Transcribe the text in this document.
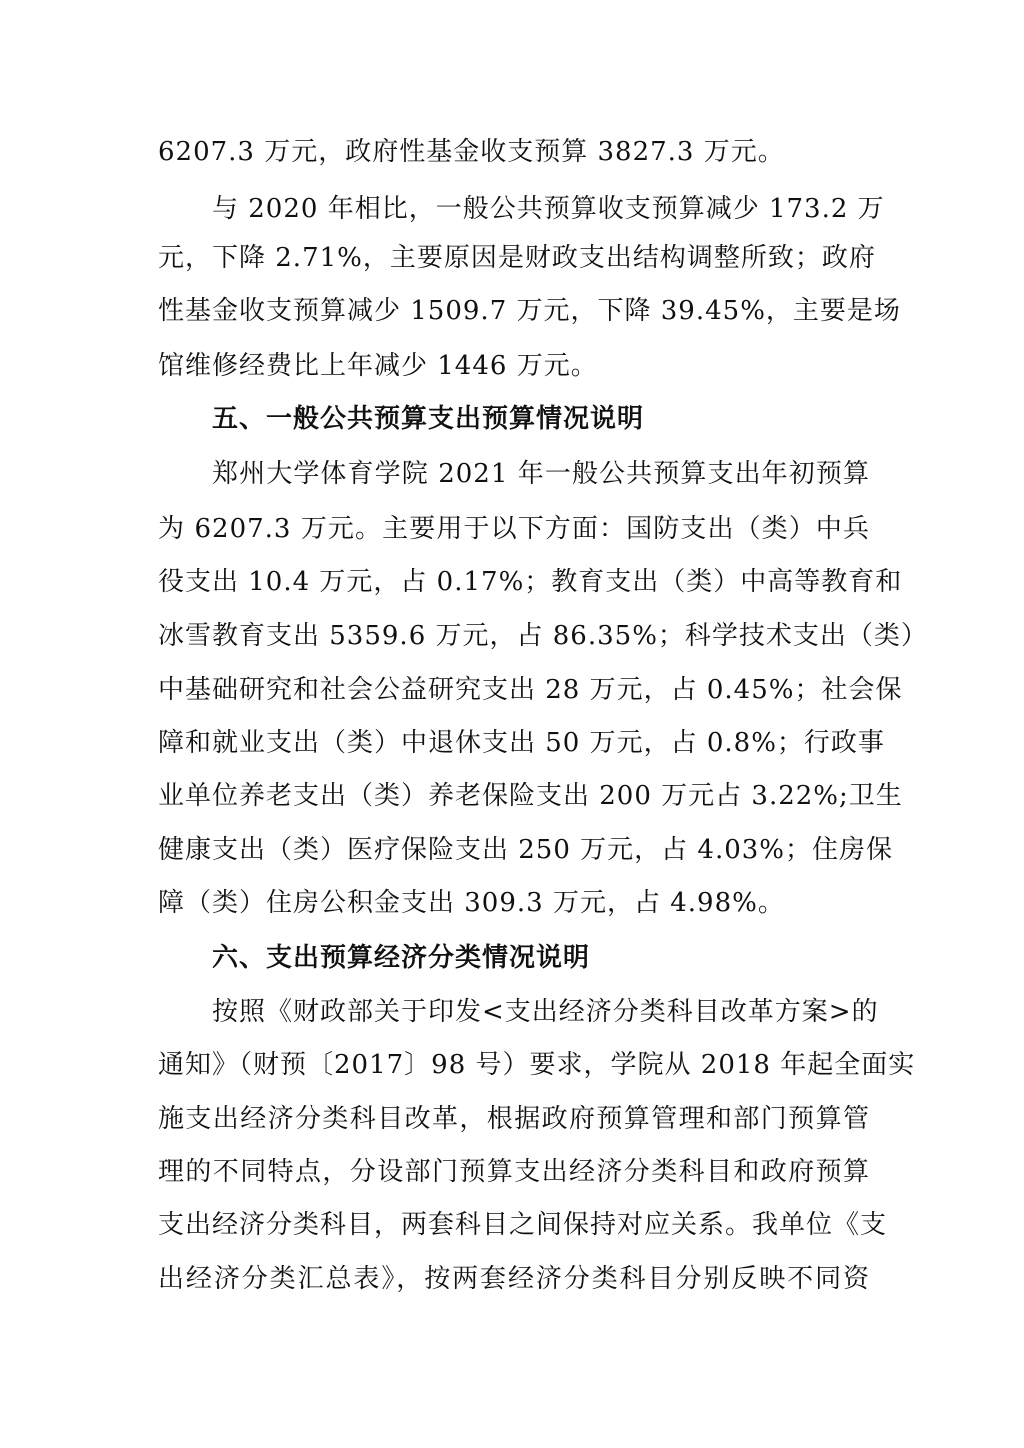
6207.3 万元，政府性基金收支预算 3827.3 万元。
与 2020 年相比，一般公共预算收支预算减少 173.2 万
元，下降 2.71%，主要原因是财政支出结构调整所致；政府
性基金收支预算减少 1509.7 万元，下降 39.45%，主要是场
馆维修经费比上年减少 1446 万元。
五、一般公共预算支出预算情况说明
郑州大学体育学院 2021 年一般公共预算支出年初预算
为 6207.3 万元。主要用于以下方面：国防支出（类）中兵
役支出 10.4 万元，占 0.17%；教育支出（类）中高等教育和
冰雪教育支出 5359.6 万元，占 86.35%；科学技术支出（类）
中基础研究和社会公益研究支出 28 万元，占 0.45%；社会保
障和就业支出（类）中退休支出 50 万元，占 0.8%；行政事
业单位养老支出（类）养老保险支出 200 万元占 3.22%;卫生
健康支出（类）医疗保险支出 250 万元，占 4.03%；住房保
障（类）住房公积金支出 309.3 万元，占 4.98%。
六、支出预算经济分类情况说明
按照《财政部关于印发<支出经济分类科目改革方案>的
通知》（财预〔2017〕98 号）要求，学院从 2018 年起全面实
施支出经济分类科目改革，根据政府预算管理和部门预算管
理的不同特点，分设部门预算支出经济分类科目和政府预算
支出经济分类科目，两套科目之间保持对应关系。我单位《支
出经济分类汇总表》，按两套经济分类科目分别反映不同资
